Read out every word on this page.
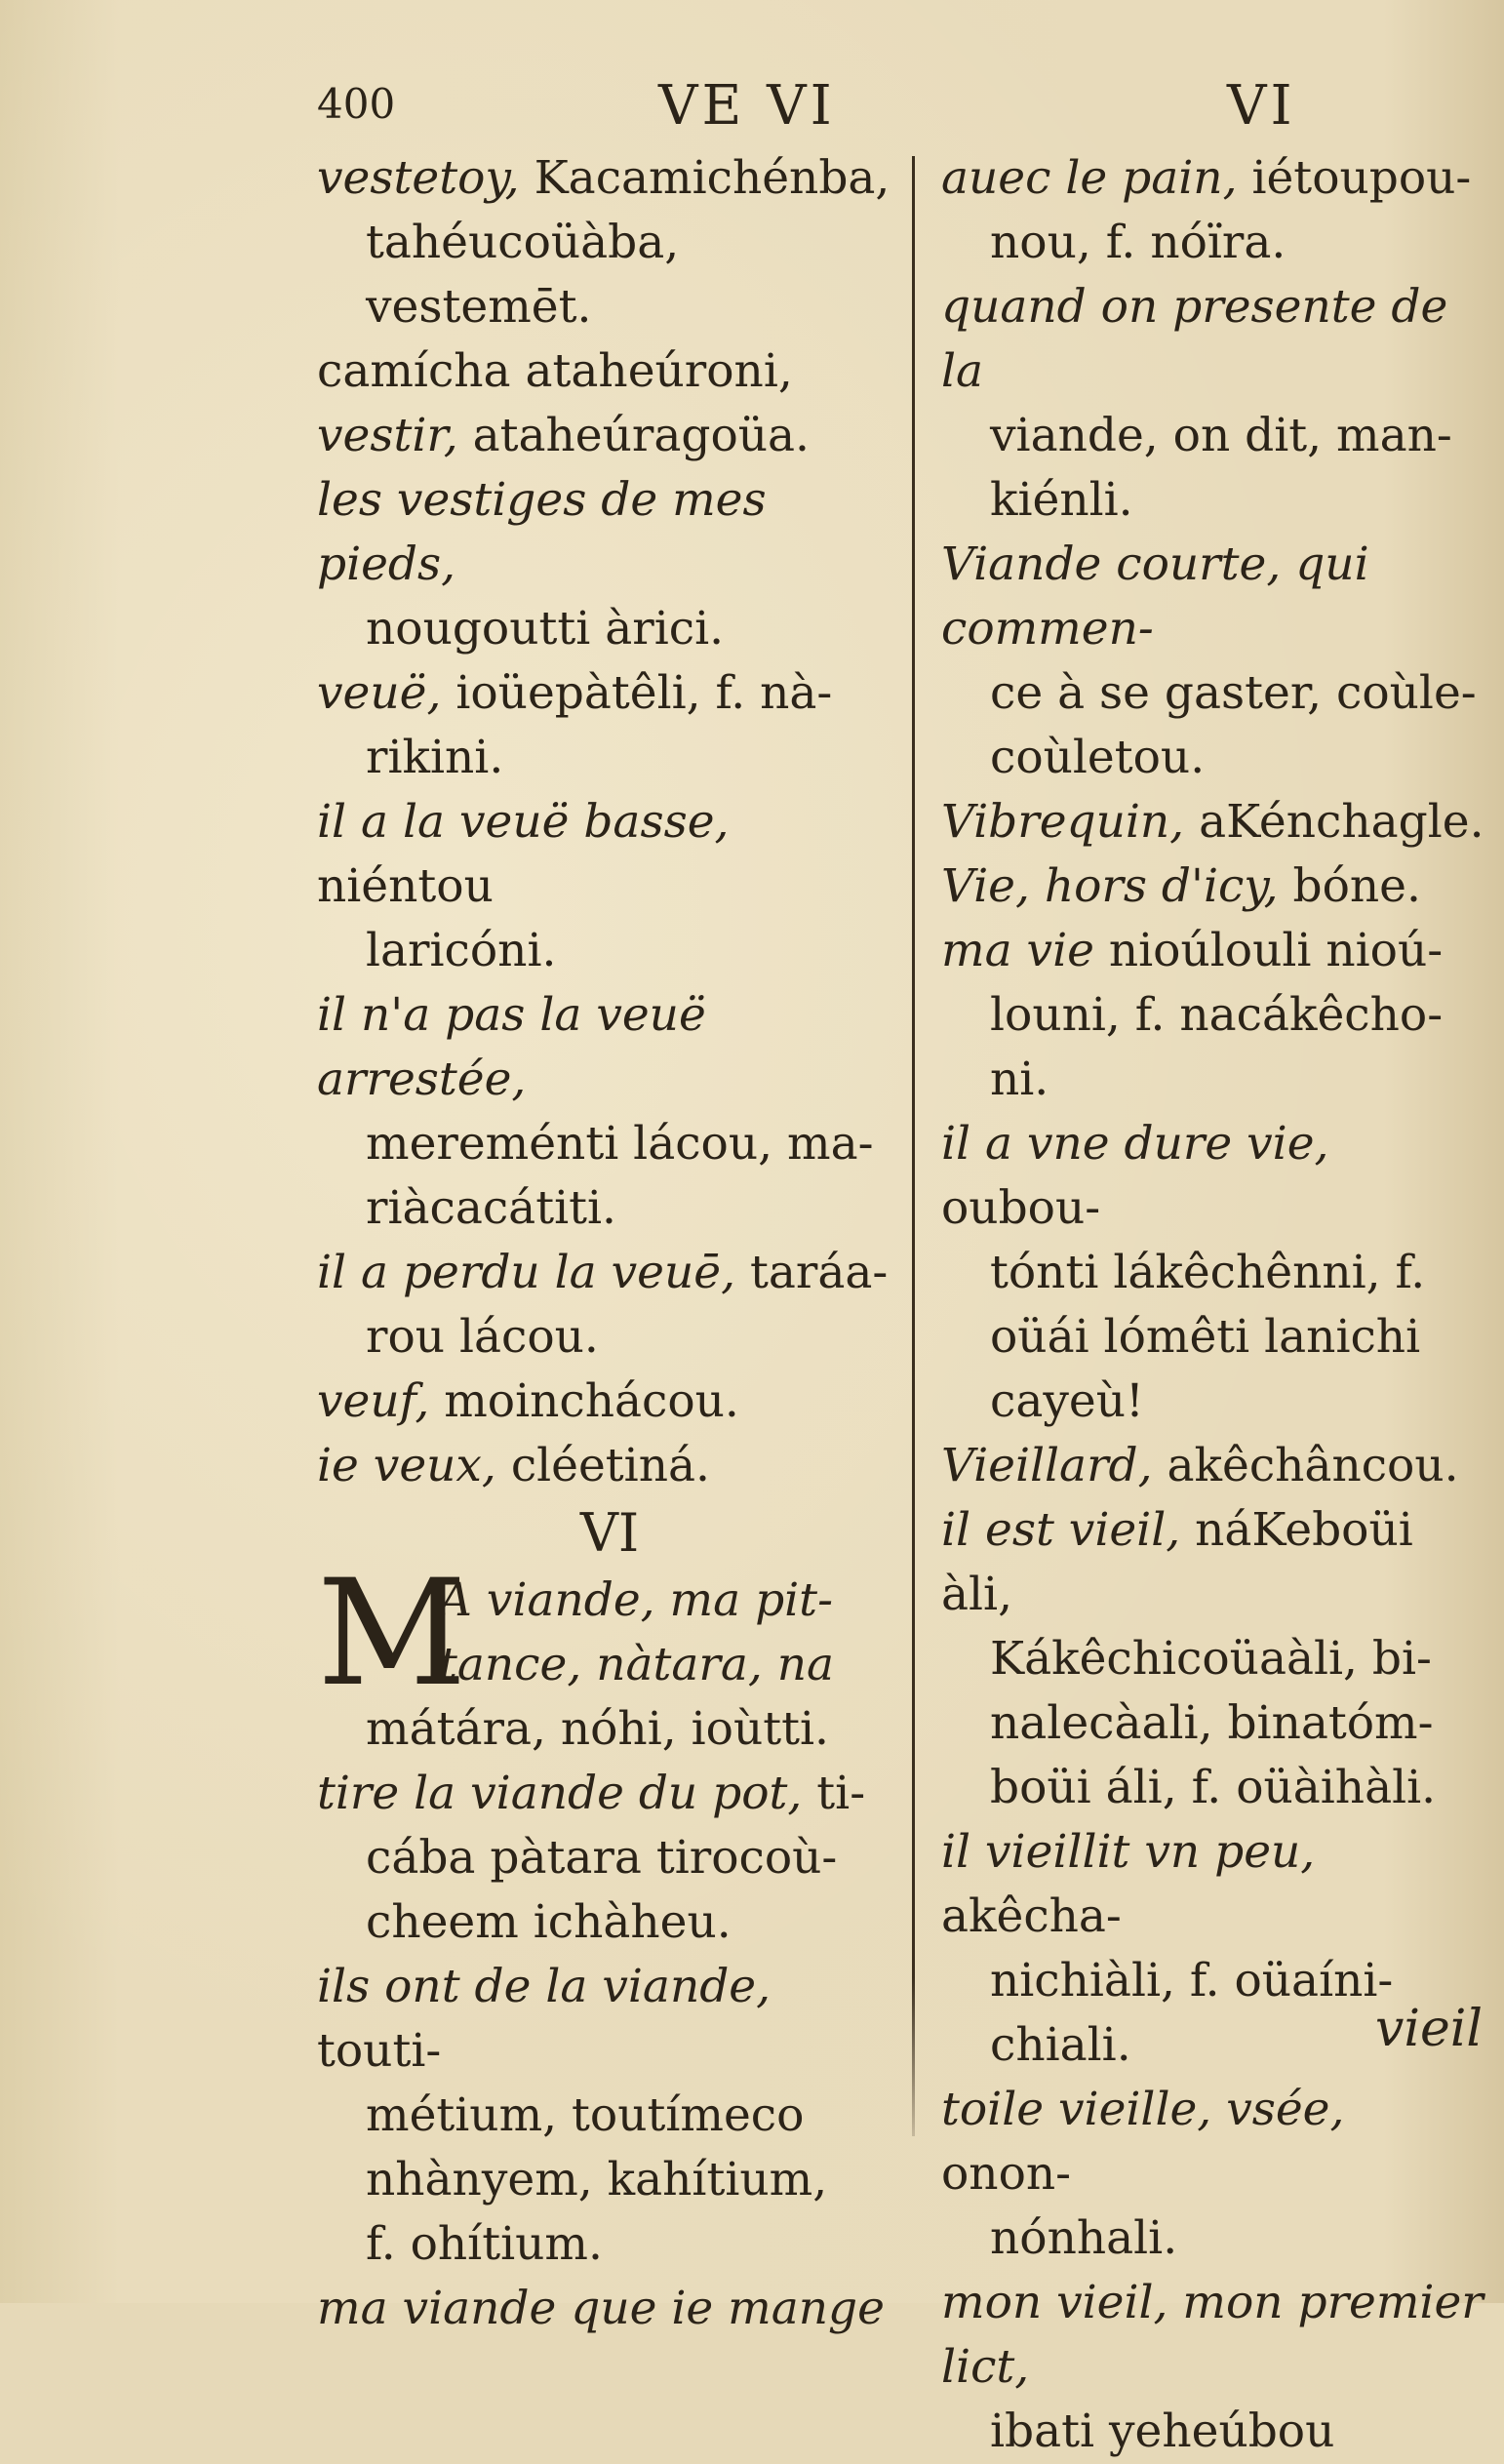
400	VE VI	VI

vestetoy, Kacamichénba,
tahéucoüàba, vestemēt.

camícha ataheúroni,

vestir, ataheúragoüa.

les vestiges de mes pieds,
nougoutti àrici.

veuë, ioüepàtêli, f. nà-
rikini.

il a la veuë basse, niéntou
laricóni.

il n'a pas la veuë arrestée,
mereménti lácou, ma-
riàcacátiti.

il a perdu la veuē, taráa-
rou lácou.

veuf, moinchácou.

ie veux, cléetiná.

VI
M
A viande, ma pit-
tance, nàtara, na
mátára, nóhi, ioùtti.

tire la viande du pot, ti-
cába pàtara tirocoù-
cheem ichàheu.

ils ont de la viande, touti-
métium, toutímeco
nhànyem, kahítium,
f. ohítium.

ma viande que ie mange

auec le pain, iétoupou-
nou, f. nóïra.

quand on presente de la
viande, on dit, man-
kiénli.

Viande courte, qui commen-
ce à se gaster, coùle-
coùletou.

Vibrequin, aKénchagle.

Vie, hors d'icy, bóne.

ma vie nioúlouli nioú-
louni, f. nacákêcho-
ni.

il a vne dure vie, oubou-
tónti lákêchênni, f.
oüái lómêti lanichi
cayeù!

Vieillard, akêchâncou.

il est vieil, náKeboüi àli,
Kákêchicoüaàli, bi-
nalecàali, binatóm-
boüi áli, f. oüàihàli.

il vieillit vn peu, akêcha-
nichiàli, f. oüaíni-
chiali.

toile vieille, vsée, onon-
nónhali.

mon vieil, mon premier lict,
ibati yeheúbou

vieil
